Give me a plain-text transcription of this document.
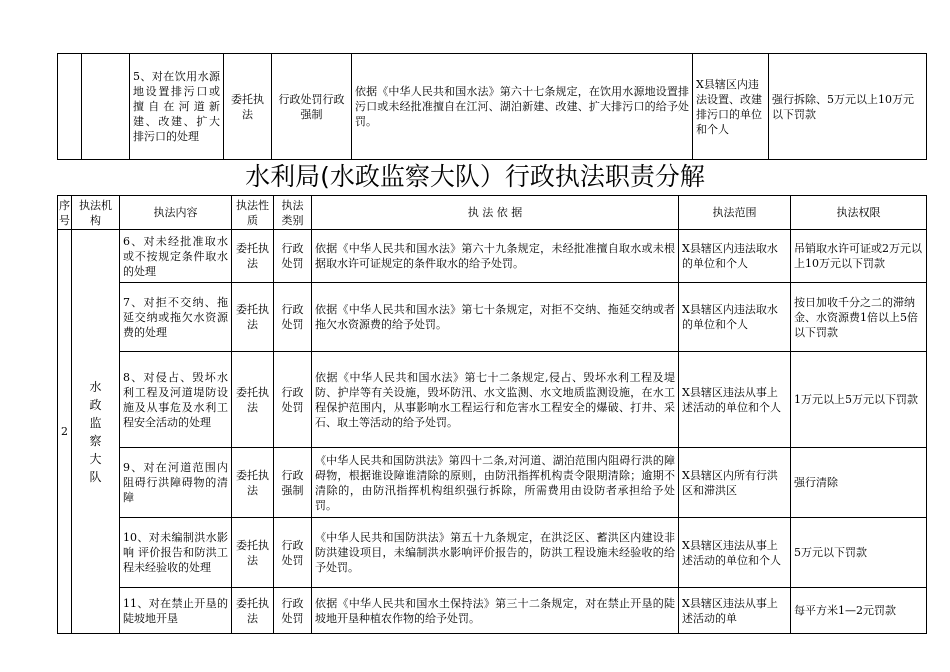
		5、对在饮用水源地设置排污口或擅自在河道新建、改建、扩大排污口的处理	委托执法	行政处罚行政强制	依据《中华人民共和国水法》第六十七条规定，在饮用水源地设置排污口或未经批准擅自在江河、湖泊新建、改建、扩大排污口的给予处罚。	X县辖区内违法设置、改建排污口的单位和个人	强行拆除、5万元以上10万元以下罚款
水利局(水政监察大队）行政执法职责分解
序号	执法机构	执法内容	执法性质	执法类别	执 法 依 据	执法范围	执法权限
2	水政监察大队	6、对未经批准取水或不按规定条件取水的处理	委托执法	行政处罚	依据《中华人民共和国水法》第六十九条规定，未经批准擅自取水或未根据取水许可证规定的条件取水的给予处罚。	X县辖区内违法取水的单位和个人	吊销取水许可证或2万元以上10万元以下罚款
		7、对拒不交纳、拖延交纳或拖欠水资源费的处理	委托执法	行政处罚	依据《中华人民共和国水法》第七十条规定，对拒不交纳、拖延交纳或者拖欠水资源费的给予处罚。	X县辖区内违法取水的单位和个人	按日加收千分之二的滞纳金、水资源费1倍以上5倍以下罚款
		8、对侵占、毁坏水利工程及河道堤防设施及从事危及水利工程安全活动的处理	委托执法	行政处罚	依据《中华人民共和国水法》第七十二条规定,侵占、毁坏水利工程及堤防、护岸等有关设施，毁坏防汛、水文监测、水文地质监测设施，在水工程保护范围内，从事影响水工程运行和危害水工程安全的爆破、打井、采石、取土等活动的给予处罚。	X县辖区违法从事上述活动的单位和个人	1万元以上5万元以下罚款
		9、对在河道范围内阻碍行洪障碍物的清障	委托执法	行政强制	《中华人民共和国防洪法》第四十二条,对河道、湖泊范围内阻碍行洪的障碍物，根据谁设障谁清除的原则，由防汛指挥机构责令限期清除；逾期不清除的，由防汛指挥机构组织强行拆除，所需费用由设防者承担给予处罚。	X县辖区内所有行洪区和滞洪区	强行清除
		10、对未编制洪水影响 评价报告和防洪工程未经验收的处理	委托执法	行政处罚	《中华人民共和国防洪法》第五十九条规定，在洪泛区、蓄洪区内建设非防洪建设项目，未编制洪水影响评价报告的，防洪工程设施未经验收的给予处罚。	X县辖区违法从事上述活动的单位和个人	5万元以下罚款
		11、对在禁止开垦的陡坡地开垦	委托执法	行政处罚	依据《中华人民共和国水土保持法》第三十二条规定，对在禁止开垦的陡坡地开垦种植农作物的给予处罚。	X县辖区违法从事上述活动的单	每平方米1—2元罚款
